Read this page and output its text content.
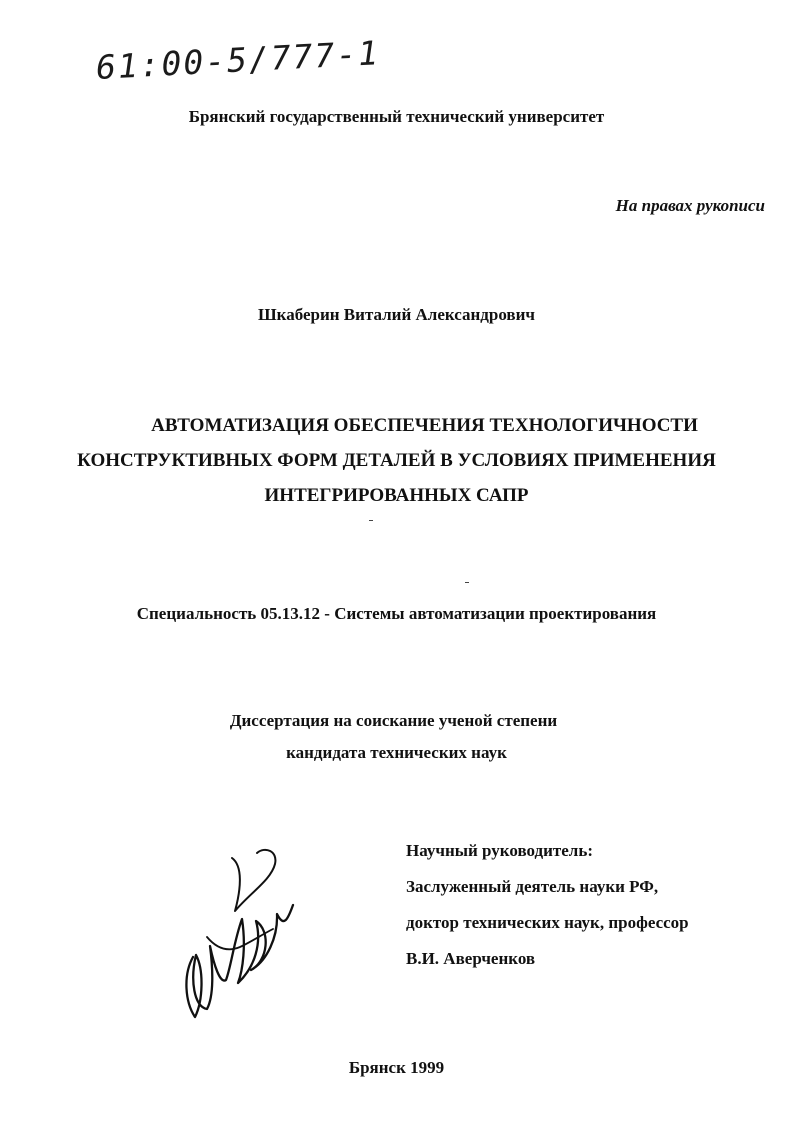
61:00-5/777-1
Брянский государственный технический университет
На правах рукописи
Шкаберин Виталий Александрович
АВТОМАТИЗАЦИЯ ОБЕСПЕЧЕНИЯ ТЕХНОЛОГИЧНОСТИ
КОНСТРУКТИВНЫХ ФОРМ ДЕТАЛЕЙ В УСЛОВИЯХ ПРИМЕНЕНИЯ
ИНТЕГРИРОВАННЫХ САПР
Специальность 05.13.12 - Системы автоматизации проектирования
Диссертация на соискание ученой степени
кандидата технических наук
Научный руководитель:
Заслуженный деятель науки РФ,
доктор технических наук, профессор
В.И. Аверченков
Брянск 1999
